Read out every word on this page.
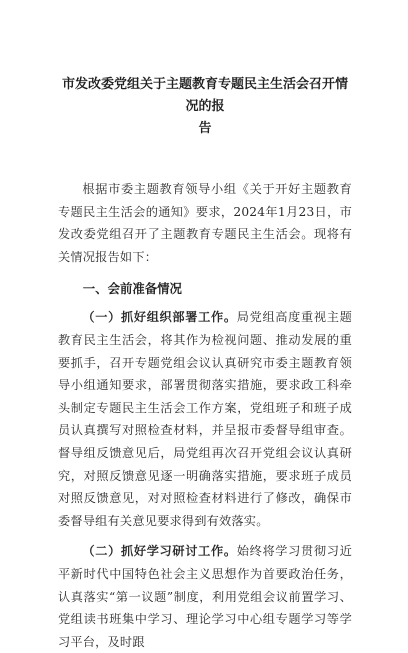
市发改委党组关于主题教育专题民主生活会召开情况的报
告

根据市委主题教育领导小组《关于开好主题教育专题民主生活会的通知》要求，2024年1月23日，市发改委党组召开了主题教育专题民主生活会。现将有关情况报告如下：

一、会前准备情况

（一）抓好组织部署工作。局党组高度重视主题教育民主生活会，将其作为检视问题、推动发展的重要抓手，召开专题党组会议认真研究市委主题教育领导小组通知要求，部署贯彻落实措施，要求政工科牵头制定专题民主生活会工作方案，党组班子和班子成员认真撰写对照检查材料，并呈报市委督导组审查。督导组反馈意见后，局党组再次召开党组会议认真研究，对照反馈意见逐一明确落实措施，要求班子成员对照反馈意见，对对照检查材料进行了修改，确保市委督导组有关意见要求得到有效落实。

（二）抓好学习研讨工作。始终将学习贯彻习近平新时代中国特色社会主义思想作为首要政治任务，认真落实“第一议题”制度，利用党组会议前置学习、党组读书班集中学习、理论学习中心组专题学习等学习平台，及时跟
